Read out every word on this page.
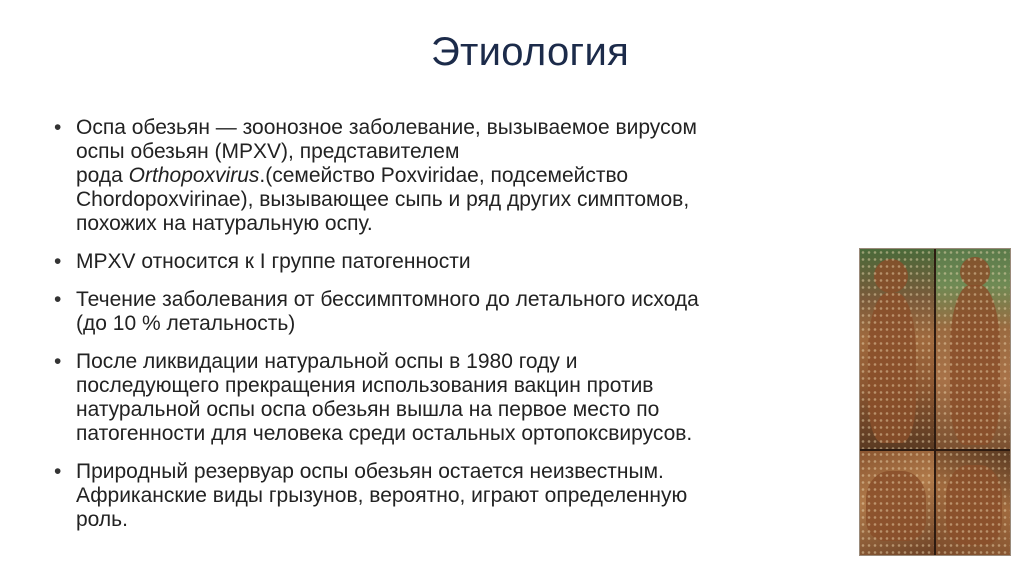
Этиология
• Оспа обезьян — зоонозное заболевание, вызываемое вирусом
оспы обезьян (MPXV), представителем
рода Orthopoxvirus.(семейство Poxviridae, подсемейство
Chordopoxvirinae), вызывающее сыпь и ряд других симптомов,
похожих на натуральную оспу.
• MPXV относится к I группе патогенности
• Течение заболевания от бессимптомного до летального исхода
(до 10 % летальность)
• После ликвидации натуральной оспы в 1980 году и
последующего прекращения использования вакцин против
натуральной оспы оспа обезьян вышла на первое место по
патогенности для человека среди остальных ортопоксвирусов.
• Природный резервуар оспы обезьян остается неизвестным.
Африканские виды грызунов, вероятно, играют определенную
роль.
